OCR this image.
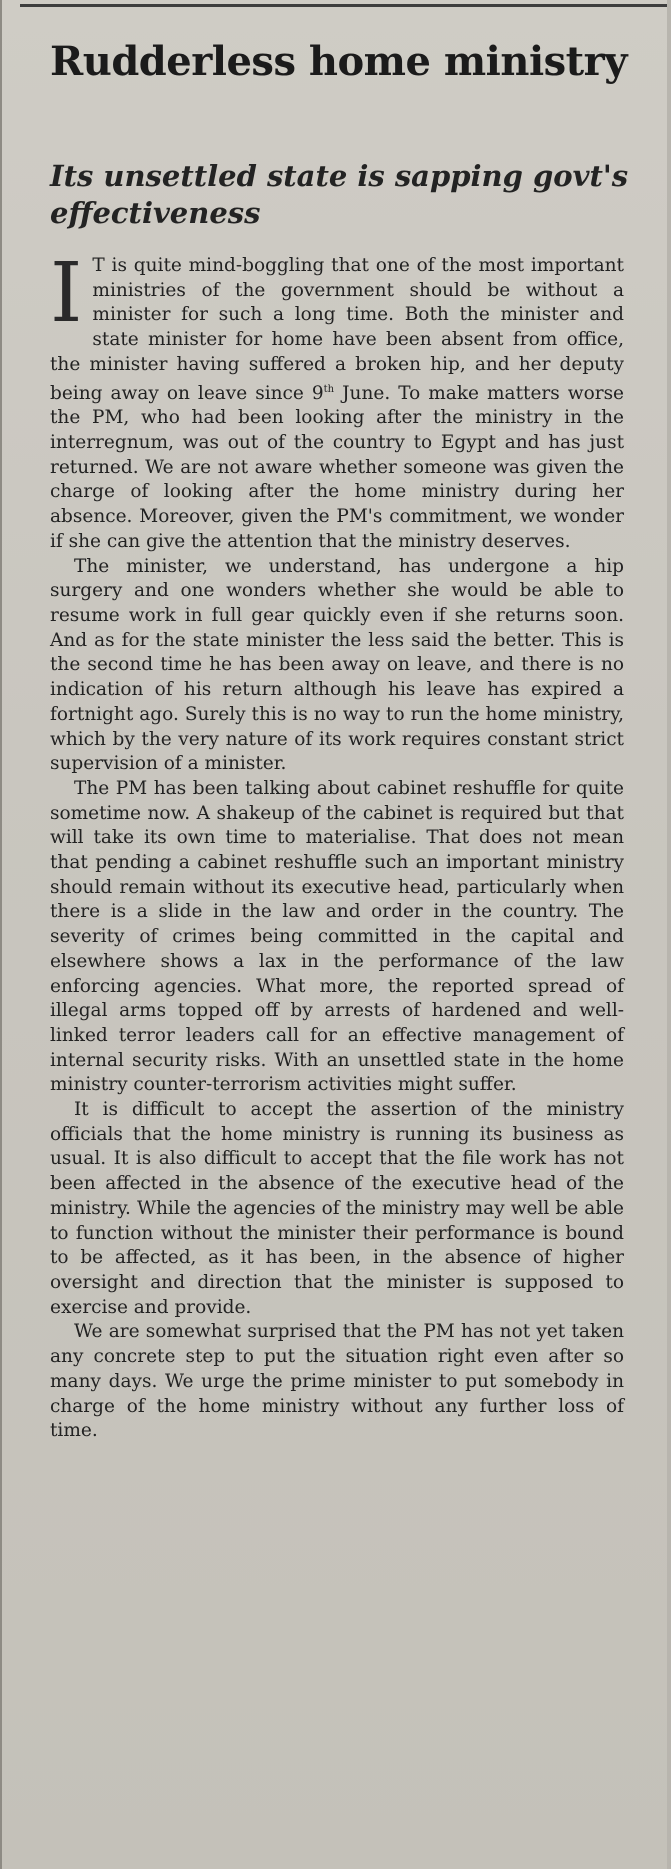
Rudderless home ministry
Its unsettled state is sapping govt's effectiveness

I T is quite mind-boggling that one of the most important ministries of the government should be without a minister for such a long time. Both the minister and state minister for home have been absent from office, the minister having suffered a broken hip, and her deputy being away on leave since 9th June. To make matters worse the PM, who had been looking after the ministry in the interregnum, was out of the country to Egypt and has just returned. We are not aware whether someone was given the charge of looking after the home ministry during her absence. Moreover, given the PM's commitment, we wonder if she can give the attention that the ministry deserves.

The minister, we understand, has undergone a hip surgery and one wonders whether she would be able to resume work in full gear quickly even if she returns soon. And as for the state minister the less said the better. This is the second time he has been away on leave, and there is no indication of his return although his leave has expired a fortnight ago. Surely this is no way to run the home ministry, which by the very nature of its work requires constant strict supervision of a minister.

The PM has been talking about cabinet reshuffle for quite sometime now. A shakeup of the cabinet is required but that will take its own time to materialise. That does not mean that pending a cabinet reshuffle such an important ministry should remain without its executive head, particularly when there is a slide in the law and order in the country. The severity of crimes being committed in the capital and elsewhere shows a lax in the performance of the law enforcing agencies. What more, the reported spread of illegal arms topped off by arrests of hardened and well-linked terror leaders call for an effective management of internal security risks. With an unsettled state in the home ministry counter-terrorism activities might suffer.

It is difficult to accept the assertion of the ministry officials that the home ministry is running its business as usual. It is also difficult to accept that the file work has not been affected in the absence of the executive head of the ministry. While the agencies of the ministry may well be able to function without the minister their performance is bound to be affected, as it has been, in the absence of higher oversight and direction that the minister is supposed to exercise and provide.

We are somewhat surprised that the PM has not yet taken any concrete step to put the situation right even after so many days. We urge the prime minister to put somebody in charge of the home ministry without any further loss of time.
